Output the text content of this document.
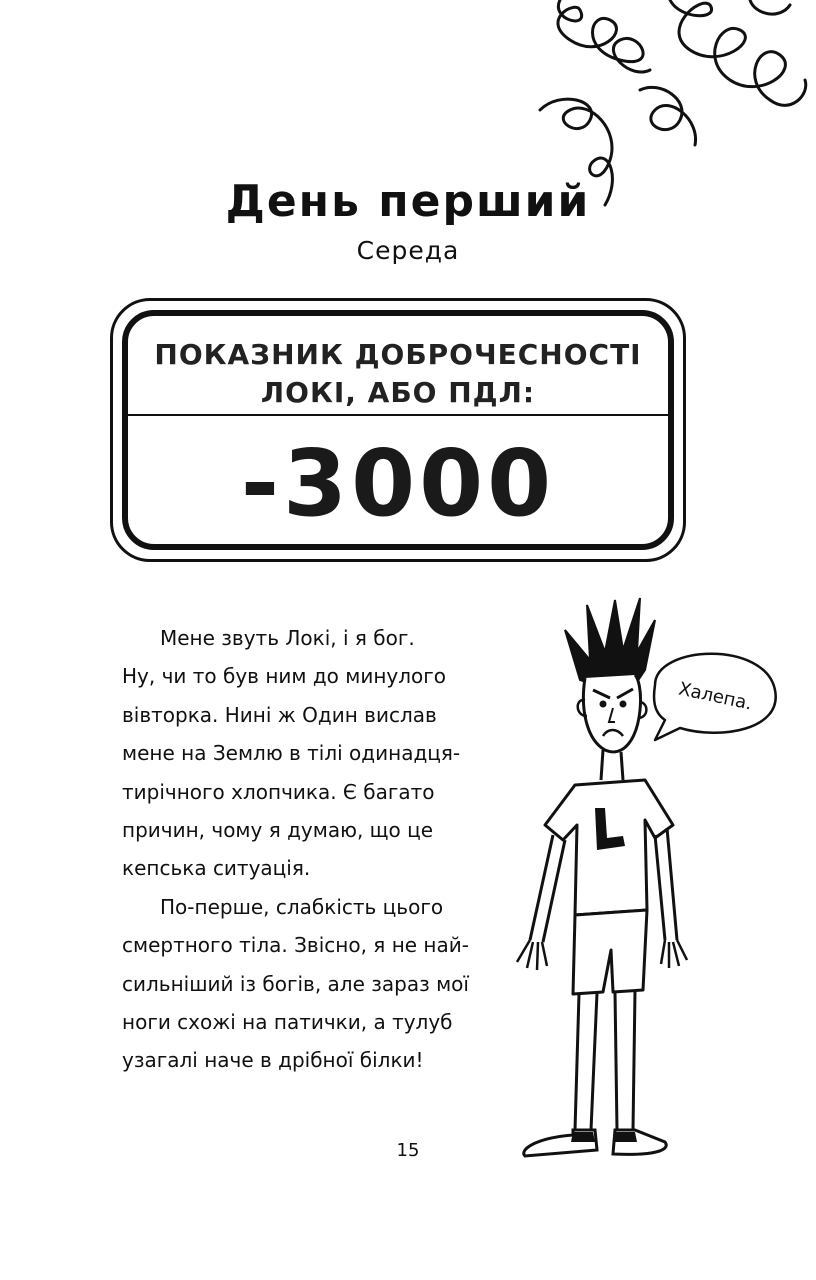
День перший
Середа
ПОКАЗНИК ДОБРОЧЕСНОСТІ
ЛОКІ, АБО ПДЛ:
-3000
Мене звуть Локі, і я бог.
Ну, чи то був ним до минулого
вівторка. Нині ж Один вислав
мене на Землю в тілі одинадця-
тирічного хлопчика. Є багато
причин, чому я думаю, що це
кепська ситуація.
По-перше, слабкість цього
смертного тіла. Звісно, я не най-
сильніший із богів, але зараз мої
ноги схожі на патички, а тулуб
узагалі наче в дрібної білки!
Халепа.
15
